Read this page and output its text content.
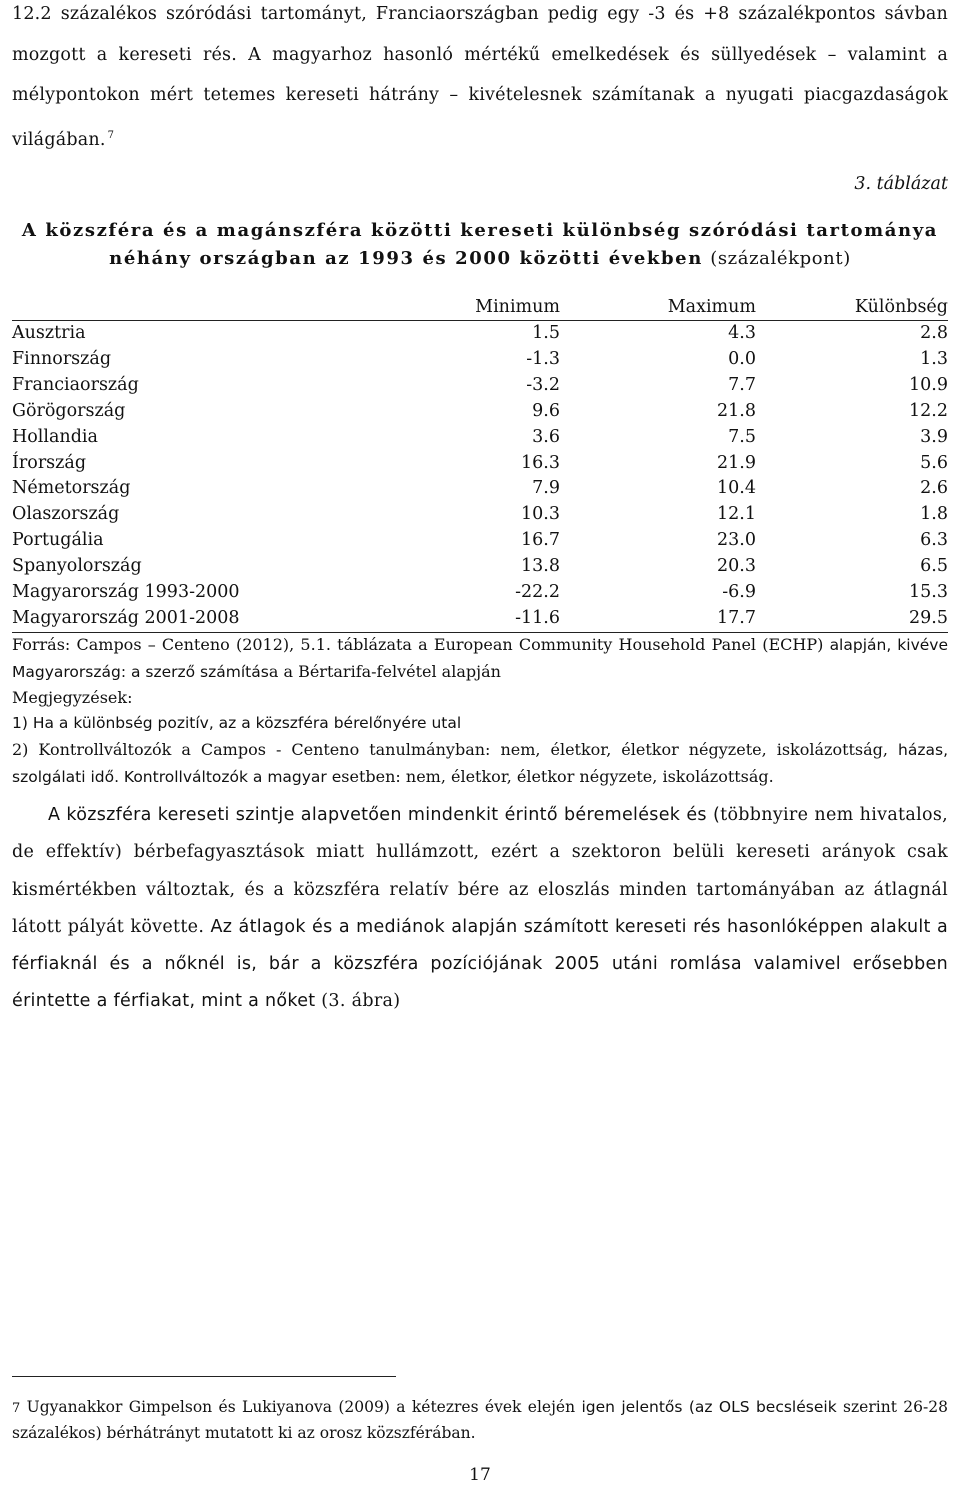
12.2 százalékos szóródási tartományt, Franciaországban pedig egy -3 és +8 százalékpontos sávban mozgott a kereseti rés. A magyarhoz hasonló mértékű emelkedések és süllyedések – valamint a mélypontokon mért tetemes kereseti hátrány – kivételesnek számítanak a nyugati piacgazdaságok világában. $^7$
3. táblázat
A közszféra és a magánszféra közötti kereseti különbség szóródási tartománya néhány országban az 1993 és 2000 közötti években (százalékpont)
	Minimum	Maximum	Különbség
Ausztria	1.5	4.3	2.8
Finnország	-1.3	0.0	1.3
Franciaország	-3.2	7.7	10.9
Görögország	9.6	21.8	12.2
Hollandia	3.6	7.5	3.9
Írország	16.3	21.9	5.6
Németország	7.9	10.4	2.6
Olaszország	10.3	12.1	1.8
Portugália	16.7	23.0	6.3
Spanyolország	13.8	20.3	6.5
Magyarország 1993-2000	-22.2	-6.9	15.3
Magyarország 2001-2008	-11.6	17.7	29.5

Forrás: Campos – Centeno (2012), 5.1. táblázata a European Community Household Panel (ECHP) alapján, kivéve Magyarország: a szerző számítása a Bértarifa-felvétel alapján

Megjegyzések:

1) Ha a különbség pozitív, az a közszféra bérelőnyére utal

2) Kontrollváltozók a Campos - Centeno tanulmányban: nem, életkor, életkor négyzete, iskolázottság, házas, szolgálati idő. Kontrollváltozók a magyar esetben: nem, életkor, életkor négyzete, iskolázottság.

A közszféra kereseti szintje alapvetően mindenkit érintő béremelések és (többnyire nem hivatalos, de effektív) bérbefagyasztások miatt hullámzott, ezért a szektoron belüli kereseti arányok csak kismértékben változtak, és a közszféra relatív bére az eloszlás minden tartományában az átlagnál látott pályát követte. Az átlagok és a mediánok alapján számított kereseti rés hasonlóképpen alakult a férfiaknál és a nőknél is, bár a közszféra pozíciójának 2005 utáni romlása valamivel erősebben érintette a férfiakat, mint a nőket (3. ábra)

7 Ugyanakkor Gimpelson és Lukiyanova (2009) a kétezres évek elején igen jelentős (az OLS becsléseik szerint 26-28 százalékos) bérhátrányt mutatott ki az orosz közszférában.
17
